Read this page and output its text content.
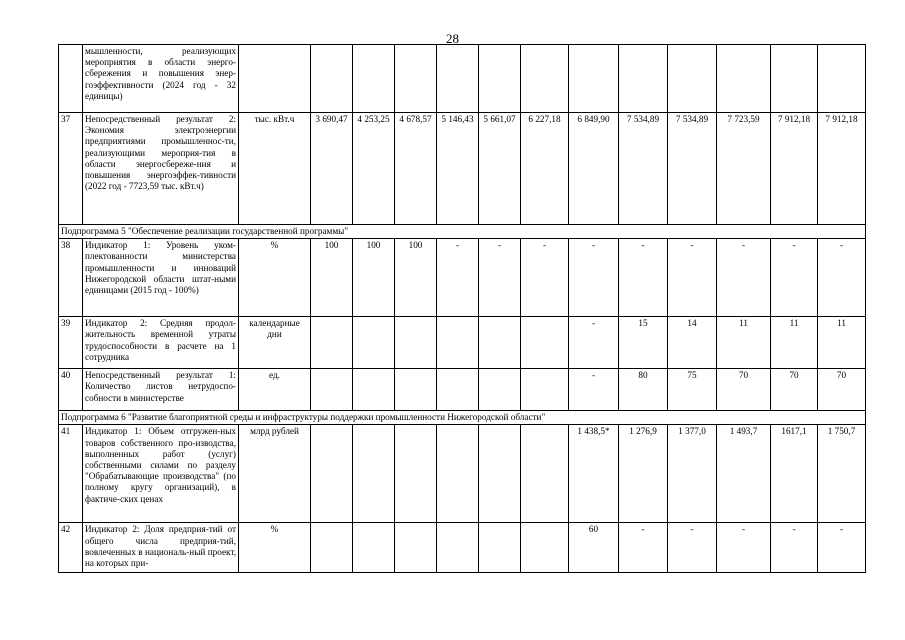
28
	мышленности, реализующих мероприятия в области энерго-сбережения и повышения энер-гоэффективности (2024 год - 32 единицы)													
37	Непосредственный результат 2: Экономия электроэнергии предприятиями промышленнос-ти, реализующими мероприя-тия в области энергосбереже-ния и повышения энергоэффек-тивности (2022 год - 7723,59 тыс. кВт.ч)	тыс. кВт.ч	3 690,47	4 253,25	4 678,57	5 146,43	5 661,07	6 227,18	6 849,90	7 534,89	7 534,89	7 723,59	7 912,18	7 912,18
Подпрограмма 5 "Обеспечение реализации государственной программы"														
38	Индикатор 1: Уровень уком-плектованности министерства промышленности и инноваций Нижегородской области штат-ными единицами (2015 год - 100%)	%	100	100	100	-	-	-	-	-	-	-	-	-
39	Индикатор 2: Средняя продол-жительность временной утраты трудоспособности в расчете на 1 сотрудника	календарные дни							-	15	14	11	11	11
40	Непосредственный результат 1: Количество листов нетрудоспо-собности в министерстве	ед.							-	80	75	70	70	70
Подпрограмма 6 "Развитие благоприятной среды и инфраструктуры поддержки промышленности Нижегородской области"														
41	Индикатор 1: Объем отгружен-ных товаров собственного про-изводства, выполненных работ (услуг) собственными силами по разделу "Обрабатывающие производства" (по полному кругу организаций), в фактиче-ских ценах	млрд рублей							1 438,5*	1 276,9	1 377,0	1 493,7	1617,1	1 750,7
42	Индикатор 2: Доля предприя-тий от общего числа предприя-тий, вовлеченных в националь-ный проект, на которых при-	%							60	-	-	-	-	-
